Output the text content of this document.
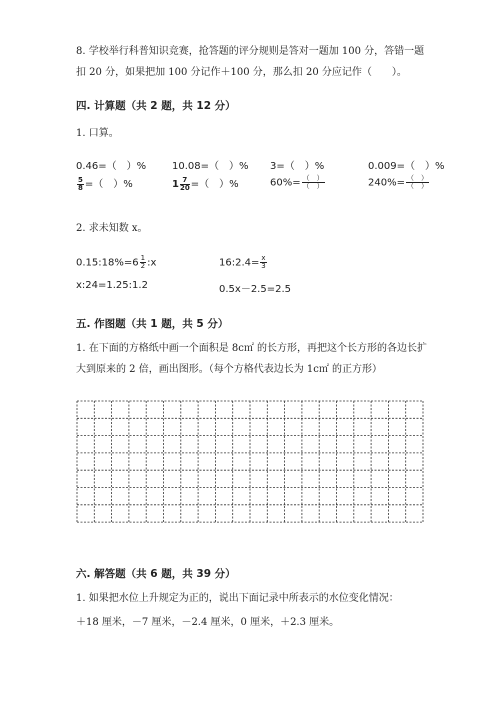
8. 学校举行科普知识竞赛，抢答题的评分规则是答对一题加 100 分，答错一题
扣 20 分，如果把加 100 分记作＋100 分，那么扣 20 分应记作（　　）。
四. 计算题（共 2 题，共 12 分）
1. 口算。
0.46=（　）%	10.08=（　）% 3=（　）%	0.009=（　）%
$\frac{5}{8}$ =（　）%	$1 \frac{7}{20}$ =（　）%	$60\%= \frac{( )}{( )}$	$240\%= \frac{( )}{( )}$
2. 求未知数 x。
0.15:18%=6 $\frac{1}{2}$ :x	16:2.4= $\frac{x}{3}$
x:24=1.25:1.2	0.5x－2.5=2.5
五. 作图题（共 1 题，共 5 分）
1. 在下面的方格纸中画一个面积是 8c㎡ 的长方形，再把这个长方形的各边长扩
大到原来的 2 倍，画出图形。（每个方格代表边长为 1c㎡ 的正方形）
六. 解答题（共 6 题，共 39 分）
1. 如果把水位上升规定为正的，说出下面记录中所表示的水位变化情况：
＋18 厘米，－7 厘米，－2.4 厘米，0 厘米，＋2.3 厘米。
